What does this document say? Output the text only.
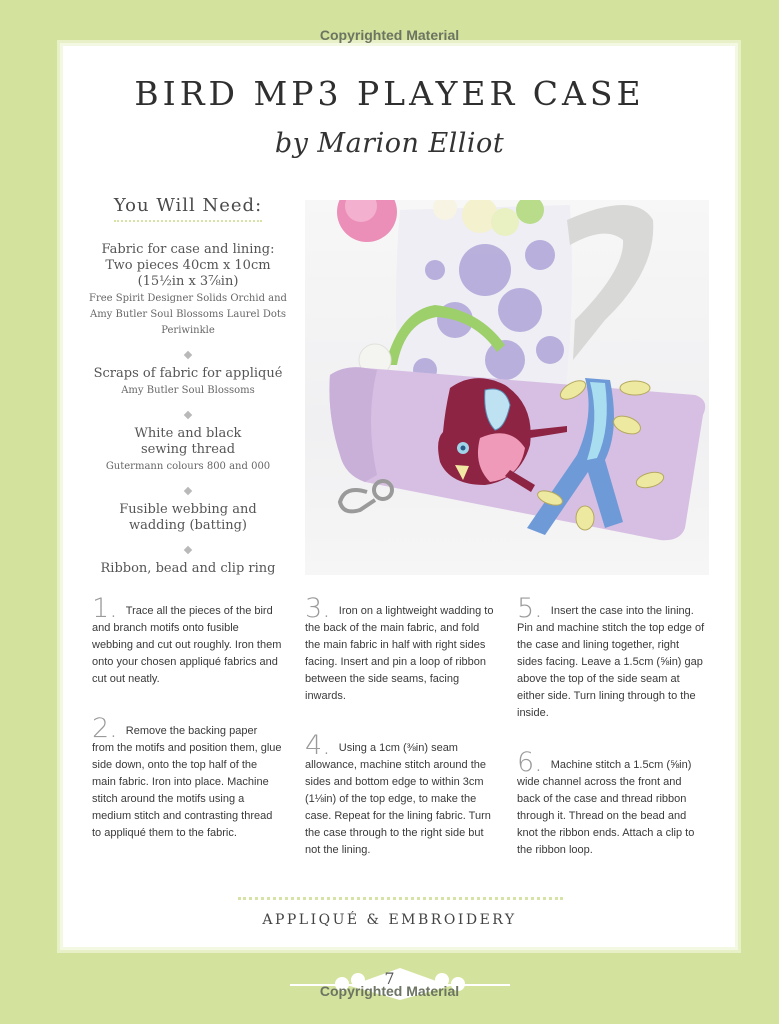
Copyrighted Material
BIRD MP3 PLAYER CASE
by Marion Elliot
You Will Need:
Fabric for case and lining: Two pieces 40cm x 10cm (15½in x 3⅞in)
Free Spirit Designer Solids Orchid and Amy Butler Soul Blossoms Laurel Dots Periwinkle
Scraps of fabric for appliqué
Amy Butler Soul Blossoms
White and black sewing thread
Gutermann colours 800 and 000
Fusible webbing and wadding (batting)
Ribbon, bead and clip ring
1. Trace all the pieces of the bird and branch motifs onto fusible webbing and cut out roughly. Iron them onto your chosen appliqué fabrics and cut out neatly.
2. Remove the backing paper from the motifs and position them, glue side down, onto the top half of the main fabric. Iron into place. Machine stitch around the motifs using a medium stitch and contrasting thread to appliqué them to the fabric.
3. Iron on a lightweight wadding to the back of the main fabric, and fold the main fabric in half with right sides facing. Insert and pin a loop of ribbon between the side seams, facing inwards.
4. Using a 1cm (⅜in) seam allowance, machine stitch around the sides and bottom edge to within 3cm (1⅛in) of the top edge, to make the case. Repeat for the lining fabric. Turn the case through to the right side but not the lining.
5. Insert the case into the lining. Pin and machine stitch the top edge of the case and lining together, right sides facing. Leave a 1.5cm (⅝in) gap above the top of the side seam at either side. Turn lining through to the inside.
6. Machine stitch a 1.5cm (⅝in) wide channel across the front and back of the case and thread ribbon through it. Thread on the bead and knot the ribbon ends. Attach a clip to the ribbon loop.
APPLIQUÉ & EMBROIDERY
7
Copyrighted Material
